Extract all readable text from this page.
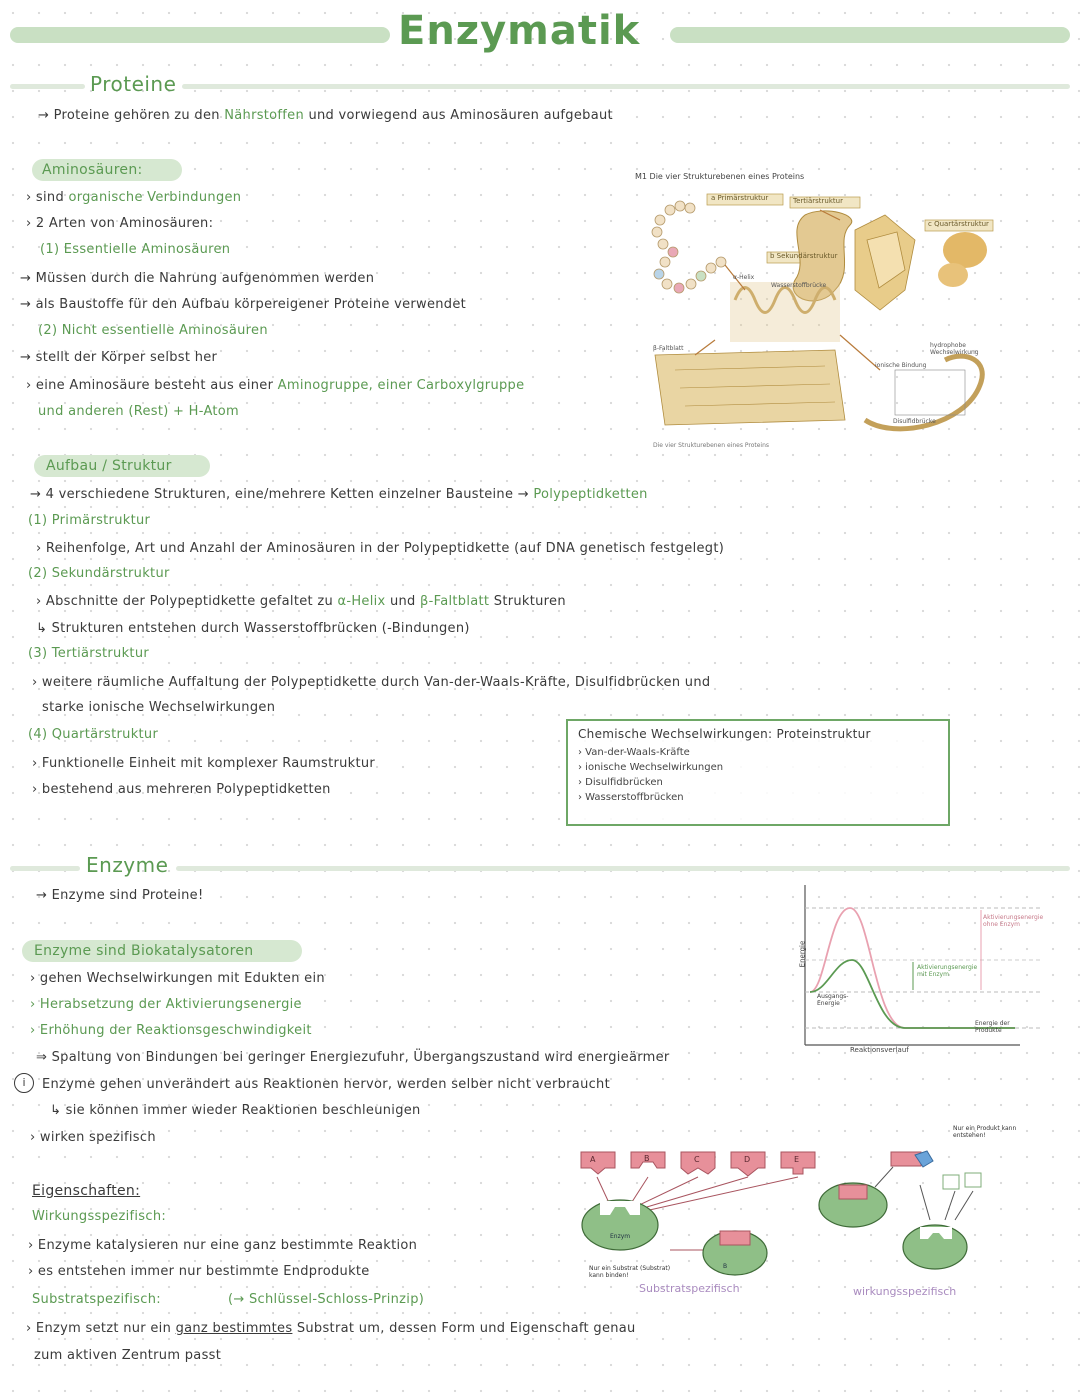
Enzymatik
Proteine
→ Proteine gehören zu den Nährstoffen und vorwiegend aus Aminosäuren aufgebaut
Aminosäuren:
› sind organische Verbindungen
› 2 Arten von Aminosäuren:
(1) Essentielle Aminosäuren
→ Müssen durch die Nahrung aufgenommen werden
→ als Baustoffe für den Aufbau körpereigener Proteine verwendet
(2) Nicht essentielle Aminosäuren
→ stellt der Körper selbst her
› eine Aminosäure besteht aus einer Aminogruppe, einer Carboxylgruppe
und anderen (Rest) + H-Atom
M1 Die vier Strukturebenen eines Proteins
a Primärstruktur	Tertiärstruktur
b Sekundärstruktur
c Quartärstruktur
α-Helix
β-Faltblatt
Wasserstoffbrücke
Disulfidbrücke
hydrophobe Wechselwirkung
ionische Bindung
Die vier Strukturebenen eines Proteins
Aufbau / Struktur
→ 4 verschiedene Strukturen, eine/mehrere Ketten einzelner Bausteine → Polypeptidketten
(1) Primärstruktur
› Reihenfolge, Art und Anzahl der Aminosäuren in der Polypeptidkette (auf DNA genetisch festgelegt)
(2) Sekundärstruktur
› Abschnitte der Polypeptidkette gefaltet zu α-Helix und β-Faltblatt Strukturen
↳ Strukturen entstehen durch Wasserstoffbrücken (-Bindungen)
(3) Tertiärstruktur
› weitere räumliche Auffaltung der Polypeptidkette durch Van-der-Waals-Kräfte, Disulfidbrücken und
starke ionische Wechselwirkungen
(4) Quartärstruktur
› Funktionelle Einheit mit komplexer Raumstruktur
› bestehend aus mehreren Polypeptidketten
Chemische Wechselwirkungen: Proteinstruktur
› Van-der-Waals-Kräfte
› ionische Wechselwirkungen
› Disulfidbrücken
› Wasserstoffbrücken
Enzyme
→ Enzyme sind Proteine!
Enzyme sind Biokatalysatoren
› gehen Wechselwirkungen mit Edukten ein
› Herabsetzung der Aktivierungsenergie
› Erhöhung der Reaktionsgeschwindigkeit
⇒ Spaltung von Bindungen bei geringer Energiezufuhr, Übergangszustand wird energieärmer
i	Enzyme gehen unverändert aus Reaktionen hervor, werden selber nicht verbraucht
↳ sie können immer wieder Reaktionen beschleunigen
› wirken spezifisch
Energie
Reaktionsverlauf
Ausgangs-Energie
Aktivierungsenergie ohne Enzym
Aktivierungsenergie mit Enzym
Energie der Produkte
Eigenschaften:
Wirkungsspezifisch:
› Enzyme katalysieren nur eine ganz bestimmte Reaktion
› es entstehen immer nur bestimmte Endprodukte
Substratspezifisch:	(→ Schlüssel-Schloss-Prinzip)
› Enzym setzt nur ein ganz bestimmtes Substrat um, dessen Form und Eigenschaft genau
zum aktiven Zentrum passt
B
A	C	D	E
Enzym
B
Nur ein Substrat (Substrat) kann binden!
Substratspezifisch	wirkungsspezifisch
Nur ein Produkt kann entstehen!
